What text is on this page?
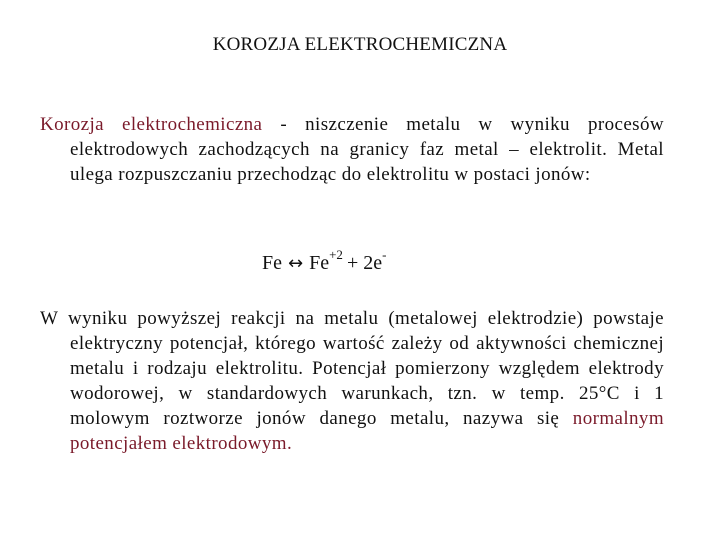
KOROZJA ELEKTROCHEMICZNA
Korozja elektrochemiczna - niszczenie metalu w wyniku procesów elektrodowych zachodzących na granicy faz metal – elektrolit. Metal ulega rozpuszczaniu przechodząc do elektrolitu w postaci jonów:
Fe ↔ $Fe^{+2} + 2e^-$
W wyniku powyższej reakcji na metalu (metalowej elektrodzie) powstaje elektryczny potencjał, którego wartość zależy od aktywności chemicznej metalu i rodzaju elektrolitu. Potencjał pomierzony względem elektrody wodorowej, w standardowych warunkach, tzn. w temp. 25°C i 1 molowym roztworze jonów danego metalu, nazywa się normalnym potencjałem elektrodowym.
